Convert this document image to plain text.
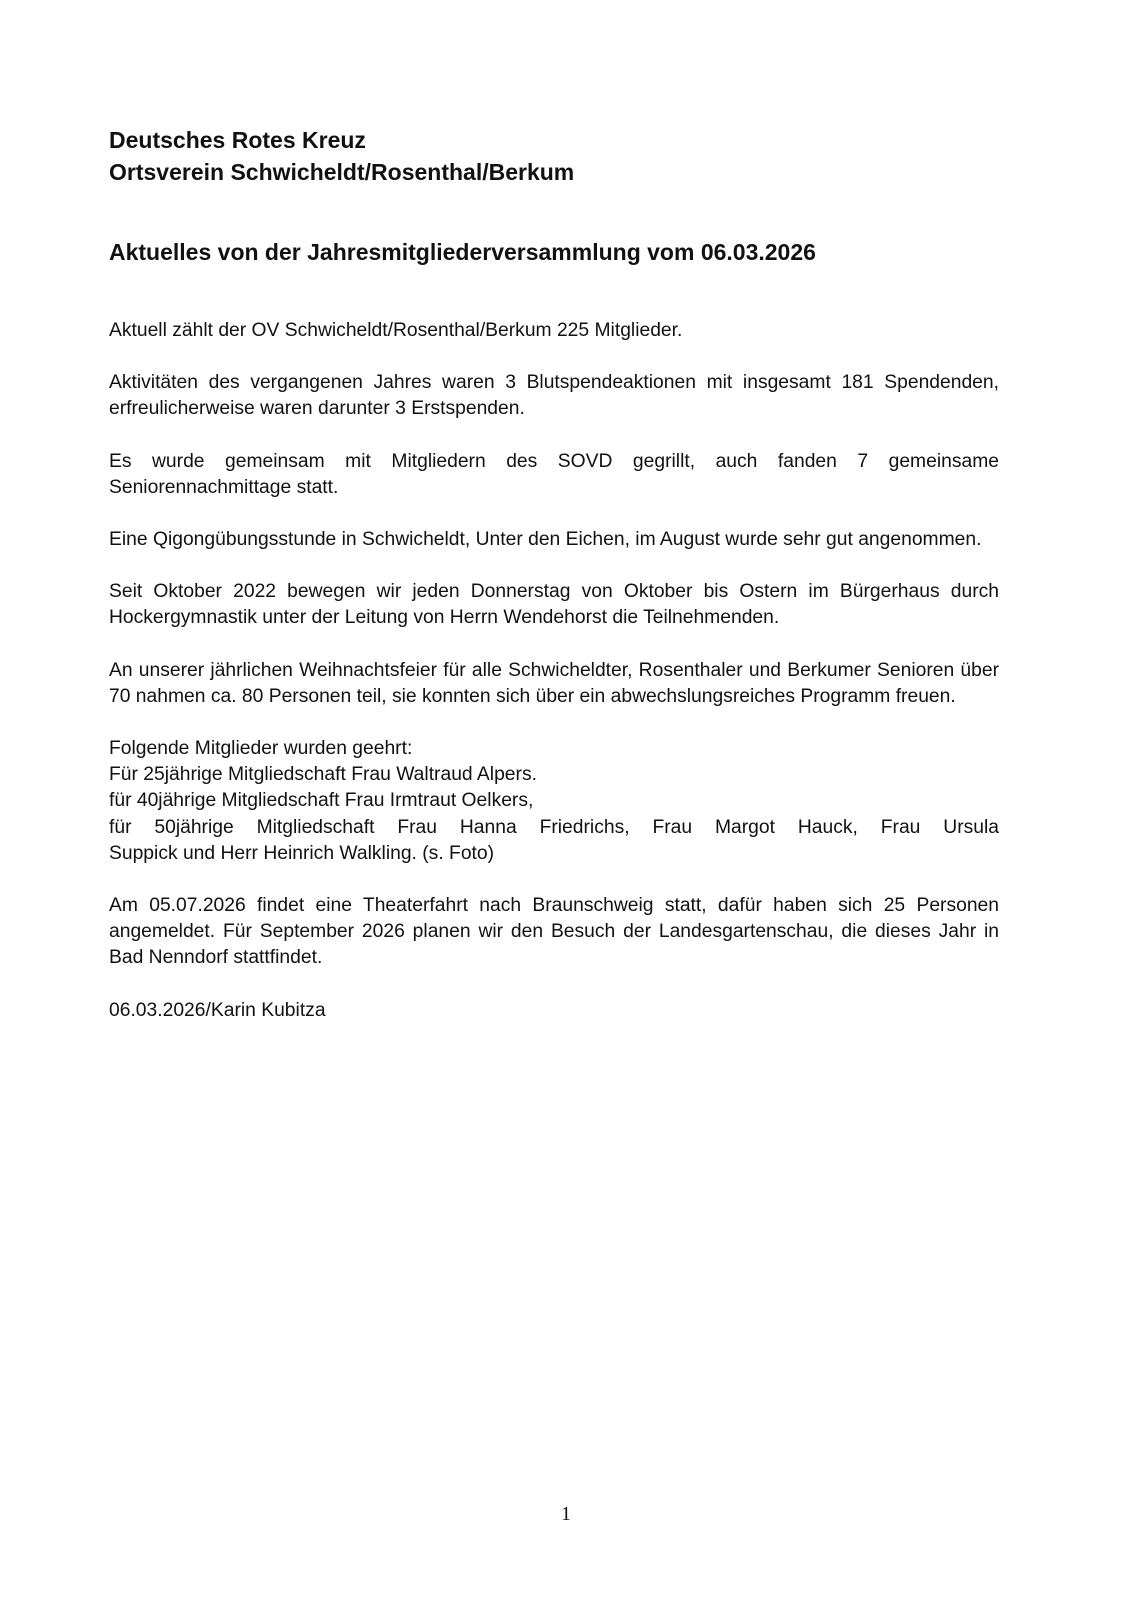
Deutsches Rotes Kreuz
Ortsverein Schwicheldt/Rosenthal/Berkum
Aktuelles von der Jahresmitgliederversammlung vom 06.03.2026

Aktuell zählt der OV Schwicheldt/Rosenthal/Berkum 225 Mitglieder.

Aktivitäten des vergangenen Jahres waren 3 Blutspendeaktionen mit insgesamt 181 Spendenden, erfreulicherweise waren darunter 3 Erstspenden.

Es wurde gemeinsam mit Mitgliedern des SOVD gegrillt, auch fanden 7 gemeinsame Seniorennachmittage statt.

Eine Qigongübungsstunde in Schwicheldt, Unter den Eichen, im August wurde sehr gut angenommen.

Seit Oktober 2022 bewegen wir jeden Donnerstag von Oktober bis Ostern im Bürgerhaus durch Hockergymnastik unter der Leitung von Herrn Wendehorst die Teilnehmenden.

An unserer jährlichen Weihnachtsfeier für alle Schwicheldter, Rosenthaler und Berkumer Senioren über 70 nahmen ca. 80 Personen teil, sie konnten sich über ein abwechslungsreiches Programm freuen.

Folgende Mitglieder wurden geehrt:
Für 25jährige Mitgliedschaft Frau Waltraud Alpers.
für 40jährige Mitgliedschaft Frau Irmtraut Oelkers,
für 50jährige Mitgliedschaft Frau Hanna Friedrichs, Frau Margot Hauck, Frau Ursula
Suppick und Herr Heinrich Walkling. (s. Foto)

Am 05.07.2026 findet eine Theaterfahrt nach Braunschweig statt, dafür haben sich 25 Personen angemeldet. Für September 2026 planen wir den Besuch der Landesgartenschau, die dieses Jahr in Bad Nenndorf stattfindet.

06.03.2026/Karin Kubitza

1
